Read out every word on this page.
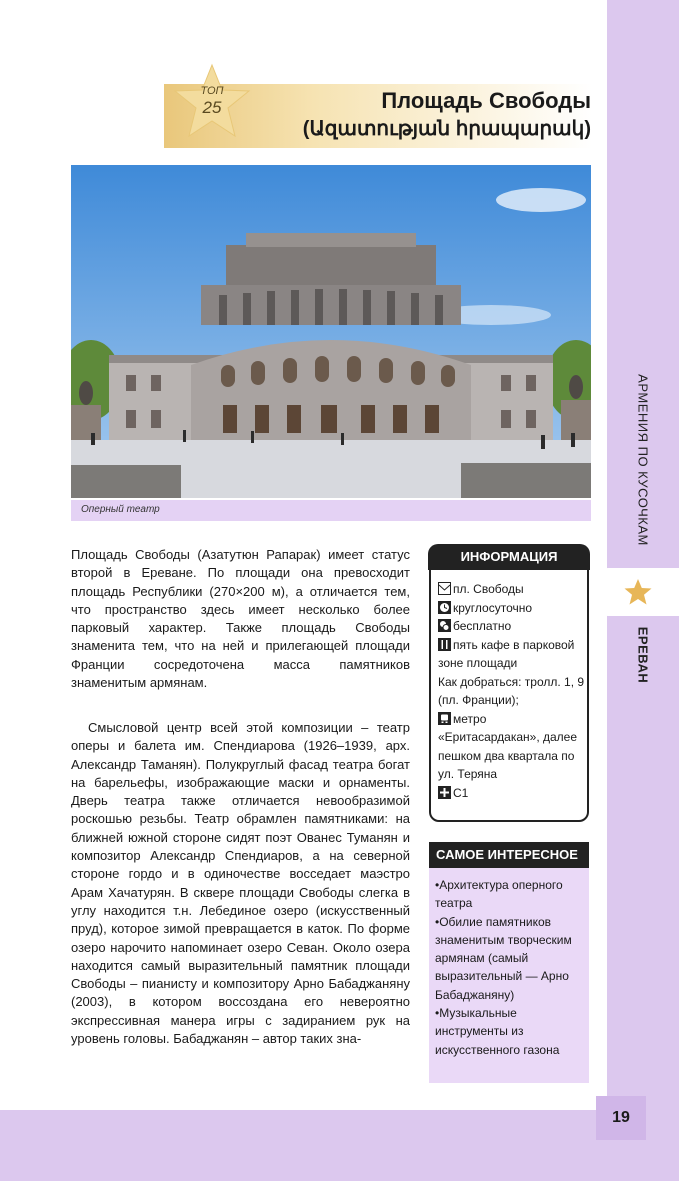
АРМЕНИЯ ПО КУСОЧКАМ
ЕРЕВАН
19
ТОП
25	Площадь Свободы
(Ազատության հրապարակ)
Оперный театр
Площадь Свободы (Азатутюн Рапарак) имеет статус второй в Ереване. По площади она превосходит площадь Республики (270×200 м), а отличается тем, что пространство здесь имеет несколько более парковый характер. Также площадь Свободы знаменита тем, что на ней и прилегающей площади Франции сосредоточена масса памятников знаменитым армянам.
Смысловой центр всей этой композиции – театр оперы и балета им. Спендиарова (1926–1939, арх. Александр Таманян). Полукруглый фасад театра богат на барельефы, изображающие маски и орнаменты. Дверь театра также отличается невообразимой роскошью резьбы. Театр обрамлен памятниками: на ближней южной стороне сидят поэт Ованес Туманян и композитор Александр Спендиаров, а на северной стороне гордо и в одиночестве восседает маэстро Арам Хачатурян. В сквере площади Свободы слегка в углу находится т.н. Лебединое озеро (искусственный пруд), которое зимой превращается в каток. По форме озеро нарочито напоминает озеро Севан. Около озера находится самый выразительный памятник площади Свободы – пианисту и композитору Арно Бабаджаняну (2003), в котором воссоздана его невероятно экспрессивная манера игры с задиранием рук на уровень головы. Бабаджанян – автор таких зна-
ИНФОРМАЦИЯ
пл. Свободы
круглосуточно
бесплатно
пять кафе в парковой зоне площади
Как добраться: тролл. 1, 9 (пл. Франции);
метро «Еритасардакан», далее пешком два квартала по ул. Теряна
C1
САМОЕ ИНТЕРЕСНОЕ
•Архитектура оперного театра
•Обилие памятников знаменитым творческим армянам (самый выразительный — Арно Бабаджаняну)
•Музыкальные инструменты из искусственного газона
